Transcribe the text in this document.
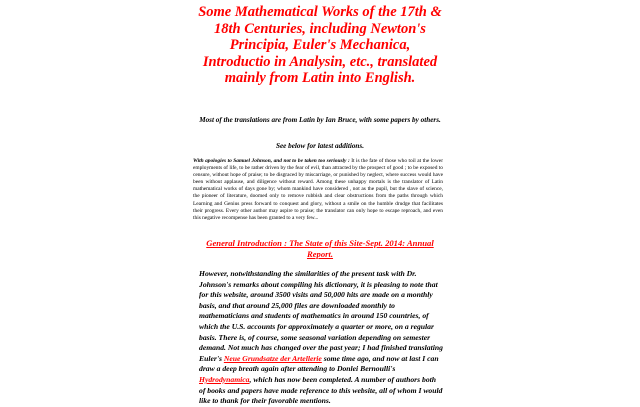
Some Mathematical Works of the 17th & 18th Centuries, including Newton's Principia, Euler's Mechanica, Introductio in Analysin, etc., translated mainly from Latin into English.

Most of the translations are from Latin by Ian Bruce, with some papers by others.

See below for latest additions.

With apologies to Samuel Johnson, and not to be taken too seriously : It is the fate of those who toil at the lower employments of life, to be rather driven by the fear of evil, than attracted by the prospect of good ; to be exposed to censure, without hope of praise; to be disgraced by miscarriage, or punished by neglect, where success would have been without applause, and diligence without reward. Among these unhappy mortals is the translator of Latin mathematical works of days gone by; whom mankind have considered , not as the pupil, but the slave of science, the pioneer of literature, doomed only to remove rubbish and clear obstructions from the paths through which Learning and Genius press forward to conquest and glory, without a smile on the humble drudge that facilitates their progress. Every other author may aspire to praise; the translator can only hope to escape reproach, and even this negative recompense has been granted to a very few...

General Introduction : The State of this Site-Sept. 2014: Annual Report.

However, notwithstanding the similarities of the present task with Dr. Johnson's remarks about compiling his dictionary, it is pleasing to note that for this website, around 3500 visits and 50,000 hits are made on a monthly basis, and that around 25,000 files are downloaded monthly to mathematicians and students of mathematics in around 150 countries, of which the U.S. accounts for approximately a quarter or more, on a regular basis. There is, of course, some seasonal variation depending on semester demand. Not much has changed over the past year; I had finished translating Euler's Neue Grundsatze der Artellerie some time ago, and now at last I can draw a deep breath again after attending to Donlei Bernoulli's Hydrodynamica, which has now been completed. A number of authors both of books and papers have made reference to this website, all of whom I would like to thank for their favorable mentions.
